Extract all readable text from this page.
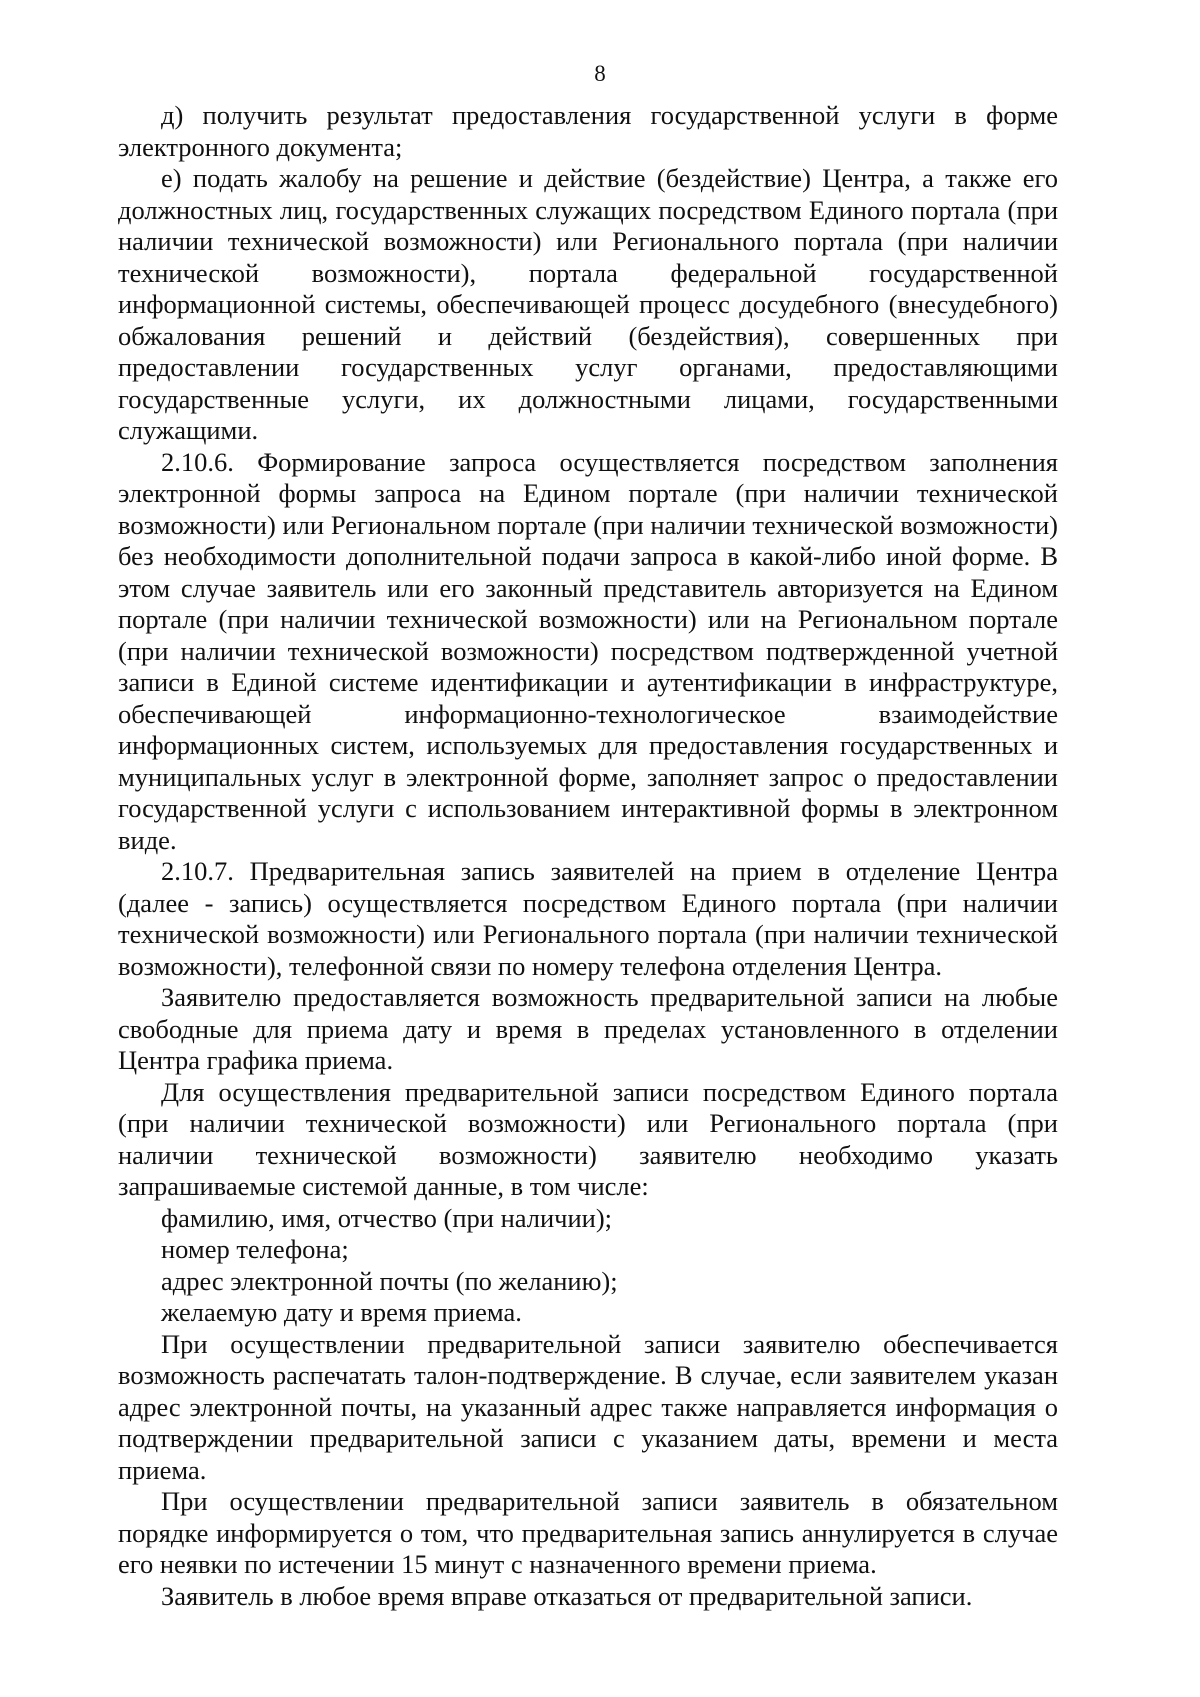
8

д) получить результат предоставления государственной услуги в форме электронного документа;

е) подать жалобу на решение и действие (бездействие) Центра, а также его должностных лиц, государственных служащих посредством Единого портала (при наличии технической возможности) или Регионального портала (при наличии технической возможности), портала федеральной государственной информационной системы, обеспечивающей процесс досудебного (внесудебного) обжалования решений и действий (бездействия), совершенных при предоставлении государственных услуг органами, предоставляющими государственные услуги, их должностными лицами, государственными служащими.

2.10.6. Формирование запроса осуществляется посредством заполнения электронной формы запроса на Едином портале (при наличии технической возможности) или Региональном портале (при наличии технической возможности) без необходимости дополнительной подачи запроса в какой-либо иной форме. В этом случае заявитель или его законный представитель авторизуется на Едином портале (при наличии технической возможности) или на Региональном портале (при наличии технической возможности) посредством подтвержденной учетной записи в Единой системе идентификации и аутентификации в инфраструктуре, обеспечивающей информационно-технологическое взаимодействие информационных систем, используемых для предоставления государственных и муниципальных услуг в электронной форме, заполняет запрос о предоставлении государственной услуги с использованием интерактивной формы в электронном виде.

2.10.7. Предварительная запись заявителей на прием в отделение Центра (далее - запись) осуществляется посредством Единого портала (при наличии технической возможности) или Регионального портала (при наличии технической возможности), телефонной связи по номеру телефона отделения Центра.

Заявителю предоставляется возможность предварительной записи на любые свободные для приема дату и время в пределах установленного в отделении Центра графика приема.

Для осуществления предварительной записи посредством Единого портала (при наличии технической возможности) или Регионального портала (при наличии технической возможности) заявителю необходимо указать запрашиваемые системой данные, в том числе:

фамилию, имя, отчество (при наличии);

номер телефона;

адрес электронной почты (по желанию);

желаемую дату и время приема.

При осуществлении предварительной записи заявителю обеспечивается возможность распечатать талон-подтверждение. В случае, если заявителем указан адрес электронной почты, на указанный адрес также направляется информация о подтверждении предварительной записи с указанием даты, времени и места приема.

При осуществлении предварительной записи заявитель в обязательном порядке информируется о том, что предварительная запись аннулируется в случае его неявки по истечении 15 минут с назначенного времени приема.

Заявитель в любое время вправе отказаться от предварительной записи.
